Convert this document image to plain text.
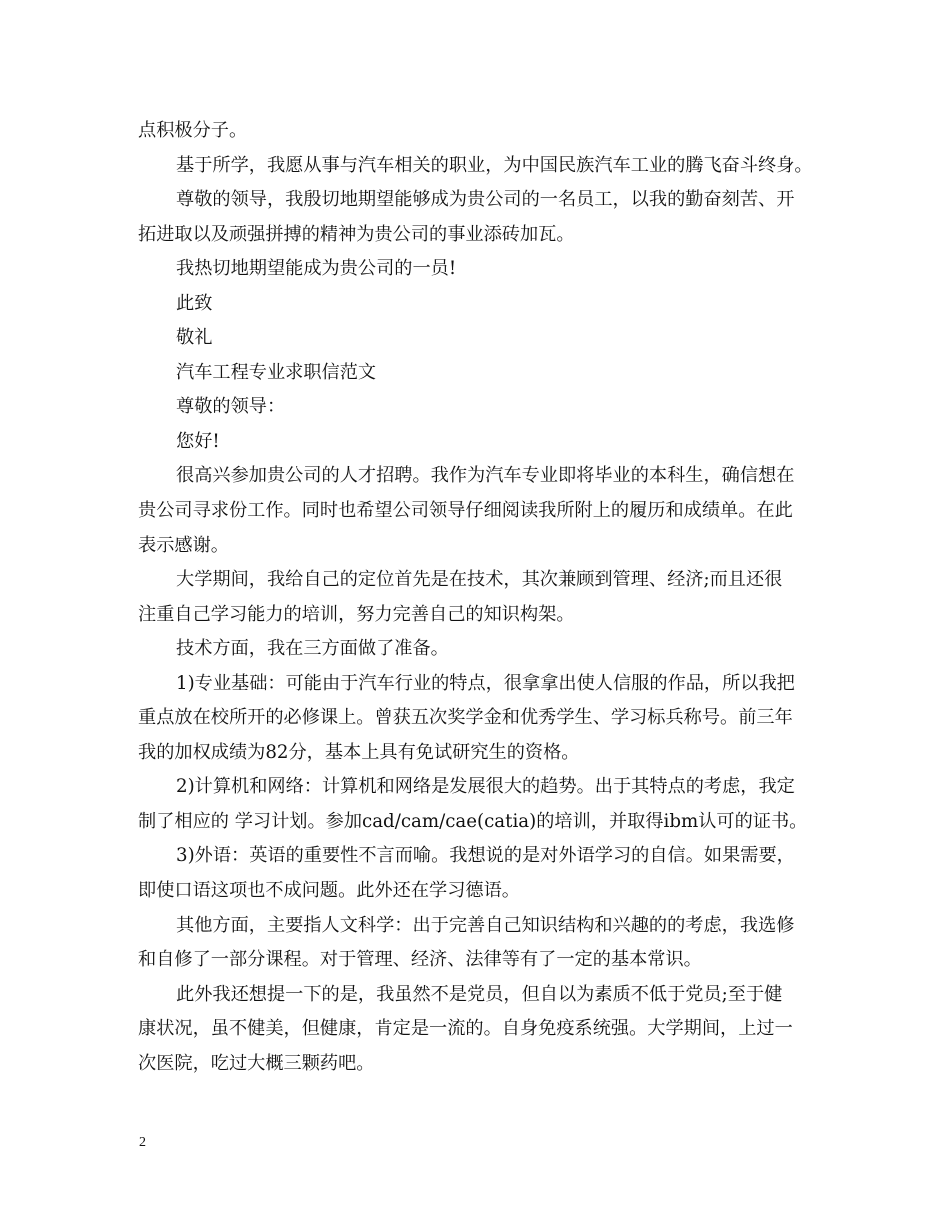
点积极分子。
基于所学，我愿从事与汽车相关的职业，为中国民族汽车工业的腾飞奋斗终身。
尊敬的领导，我殷切地期望能够成为贵公司的一名员工，以我的勤奋刻苦、开
拓进取以及顽强拼搏的精神为贵公司的事业添砖加瓦。
我热切地期望能成为贵公司的一员!
此致
敬礼
汽车工程专业求职信范文
尊敬的领导：
您好!
很高兴参加贵公司的人才招聘。我作为汽车专业即将毕业的本科生，确信想在
贵公司寻求份工作。同时也希望公司领导仔细阅读我所附上的履历和成绩单。在此
表示感谢。
大学期间，我给自己的定位首先是在技术，其次兼顾到管理、经济;而且还很
注重自己学习能力的培训，努力完善自己的知识构架。
技术方面，我在三方面做了准备。
1)专业基础：可能由于汽车行业的特点，很拿拿出使人信服的作品，所以我把
重点放在校所开的必修课上。曾获五次奖学金和优秀学生、学习标兵称号。前三年
我的加权成绩为82分，基本上具有免试研究生的资格。
2)计算机和网络：计算机和网络是发展很大的趋势。出于其特点的考虑，我定
制了相应的 学习计划。参加cad/cam/cae(catia)的培训，并取得ibm认可的证书。
3)外语：英语的重要性不言而喻。我想说的是对外语学习的自信。如果需要，
即使口语这项也不成问题。此外还在学习德语。
其他方面，主要指人文科学：出于完善自己知识结构和兴趣的的考虑，我选修
和自修了一部分课程。对于管理、经济、法律等有了一定的基本常识。
此外我还想提一下的是，我虽然不是党员，但自以为素质不低于党员;至于健
康状况，虽不健美，但健康，肯定是一流的。自身免疫系统强。大学期间，上过一
次医院，吃过大概三颗药吧。
2
